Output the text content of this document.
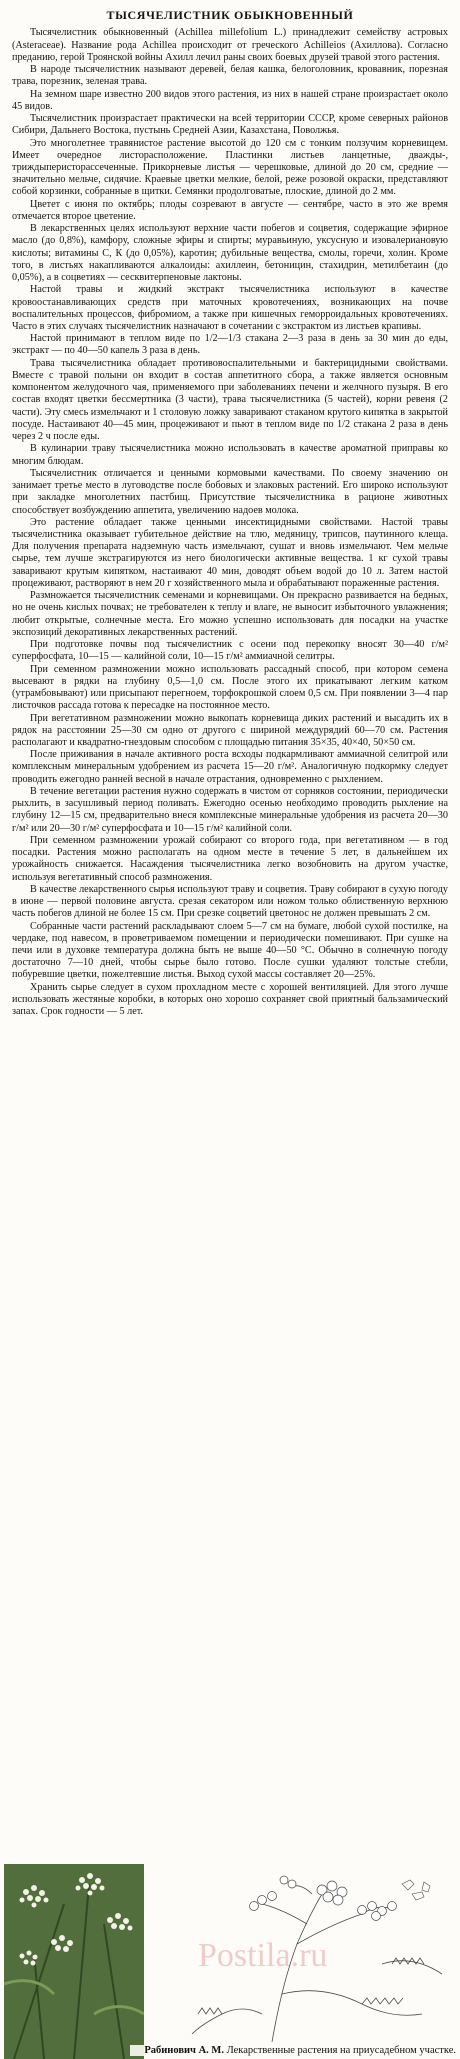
ТЫСЯЧЕЛИСТНИК ОБЫКНОВЕННЫЙ

Тысячелистник обыкновенный (Achillea millefolium L.) принадлежит семейству астровых (Asteraceae). Название рода Achillea происходит от греческого Achilleios (Ахиллова). Согласно преданию, герой Троянской войны Ахилл лечил раны своих боевых друзей травой этого растения.

В народе тысячелистник называют деревей, белая кашка, белоголовник, кровавник, порезная трава, порезник, зеленая трава.

На земном шаре известно 200 видов этого растения, из них в нашей стране произрастает около 45 видов.

Тысячелистник произрастает практически на всей территории СССР, кроме северных районов Сибири, Дальнего Востока, пустынь Средней Азии, Казахстана, Поволжья.

Это многолетнее травянистое растение высотой до 120 см с тонким ползучим корневищем. Имеет очередное листорасположение. Пластинки листьев ланцетные, дважды-, триждыперисторассеченные. Прикорневые листья — черешковые, длиной до 20 см, средние — значительно мельче, сидячие. Краевые цветки мелкие, белой, реже розовой окраски, представляют собой корзинки, собранные в щитки. Семянки продолговатые, плоские, длиной до 2 мм.

Цветет с июня по октябрь; плоды созревают в августе — сентябре, часто в это же время отмечается второе цветение.

В лекарственных целях используют верхние части побегов и соцветия, содержащие эфирное масло (до 0,8%), камфору, сложные эфиры и спирты; муравьиную, уксусную и изовалериановую кислоты; витамины С, К (до 0,05%), каротин; дубильные вещества, смолы, горечи, холин. Кроме того, в листьях накапливаются алкалоиды: ахиллеин, бетоницин, стахидрин, метилбетаин (до 0,05%), а в соцветиях — сесквитерпеновые лактоны.

Настой травы и жидкий экстракт тысячелистника используют в качестве кровоостанавливающих средств при маточных кровотечениях, возникающих на почве воспалительных процессов, фибромиом, а также при кишечных геморроидальных кровотечениях. Часто в этих случаях тысячелистник назначают в сочетании с экстрактом из листьев крапивы.

Настой принимают в теплом виде по 1/2—1/3 стакана 2—3 раза в день за 30 мин до еды, экстракт — по 40—50 капель 3 раза в день.

Трава тысячелистника обладает противовоспалительными и бактерицидными свойствами. Вместе с травой полыни он входит в состав аппетитного сбора, а также является основным компонентом желудочного чая, применяемого при заболеваниях печени и желчного пузыря. В его состав входят цветки бессмертника (3 части), трава тысячелистника (5 частей), корни ревеня (2 части). Эту смесь измельчают и 1 столовую ложку заваривают стаканом крутого кипятка в закрытой посуде. Настаивают 40—45 мин, процеживают и пьют в теплом виде по 1/2 стакана 2 раза в день через 2 ч после еды.

В кулинарии траву тысячелистника можно использовать в качестве ароматной приправы ко многим блюдам.

Тысячелистник отличается и ценными кормовыми качествами. По своему значению он занимает третье место в луговодстве после бобовых и злаковых растений. Его широко используют при закладке многолетних пастбищ. Присутствие тысячелистника в рационе животных способствует возбуждению аппетита, увеличению надоев молока.

Это растение обладает также ценными инсектицидными свойствами. Настой травы тысячелистника оказывает губительное действие на тлю, медяницу, трипсов, паутинного клеща. Для получения препарата надземную часть измельчают, сушат и вновь измельчают. Чем мельче сырье, тем лучше экстрагируются из него биологически активные вещества. 1 кг сухой травы заваривают крутым кипятком, настаивают 40 мин, доводят объем водой до 10 л. Затем настой процеживают, растворяют в нем 20 г хозяйственного мыла и обрабатывают пораженные растения.

Размножается тысячелистник семенами и корневищами. Он прекрасно развивается на бедных, но не очень кислых почвах; не требователен к теплу и влаге, не выносит избыточного увлажнения; любит открытые, солнечные места. Его можно успешно использовать для посадки на участке экспозиций декоративных лекарственных растений.

При подготовке почвы под тысячелистник с осени под перекопку вносят 30—40 г/м² суперфосфата, 10—15 — калийной соли, 10—15 г/м² аммиачной селитры.

При семенном размножении можно использовать рассадный способ, при котором семена высевают в рядки на глубину 0,5—1,0 см. После этого их прикатывают легким катком (утрамбовывают) или присыпают перегноем, торфокрошкой слоем 0,5 см. При появлении 3—4 пар листочков рассада готова к пересадке на постоянное место.

При вегетативном размножении можно выкопать корневища диких растений и высадить их в рядок на расстоянии 25—30 см одно от другого с шириной междурядий 60—70 см. Растения располагают и квадратно-гнездовым способом с площадью питания 35×35, 40×40, 50×50 см.

После приживания в начале активного роста всходы подкармливают аммиачной селитрой или комплексным минеральным удобрением из расчета 15—20 г/м². Аналогичную подкормку следует проводить ежегодно ранней весной в начале отрастания, одновременно с рыхлением.

В течение вегетации растения нужно содержать в чистом от сорняков состоянии, периодически рыхлить, в засушливый период поливать. Ежегодно осенью необходимо проводить рыхление на глубину 12—15 см, предварительно внеся комплексные минеральные удобрения из расчета 20—30 г/м² или 20—30 г/м² суперфосфата и 10—15 г/м² калийной соли.

При семенном размножении урожай собирают со второго года, при вегетативном — в год посадки. Растения можно располагать на одном месте в течение 5 лет, в дальнейшем их урожайность снижается. Насаждения тысячелистника легко возобновить на другом участке, используя вегетативный способ размножения.

В качестве лекарственного сырья используют траву и соцветия. Траву собирают в сухую погоду в июне — первой половине августа. срезая секатором или ножом только облиственную верхнюю часть побегов длиной не более 15 см. При срезке соцветий цветонос не должен превышать 2 см.

Собранные части растений раскладывают слоем 5—7 см на бумаге, любой сухой постилке, на чердаке, под навесом, в проветриваемом помещении и периодически помешивают. При сушке на печи или в духовке температура должна быть не выше 40—50 °С. Обычно в солнечную погоду достаточно 7—10 дней, чтобы сырье было готово. После сушки удаляют толстые стебли, побуревшие цветки, пожелтевшие листья. Выход сухой массы составляет 20—25%.

Хранить сырье следует в сухом прохладном месте с хорошей вентиляцией. Для этого лучше использовать жестяные коробки, в которых оно хорошо сохраняет свой приятный бальзамический запах. Срок годности — 5 лет.

Postila.ru
Рабинович А. М. Лекарственные растения на приусадебном участке.
